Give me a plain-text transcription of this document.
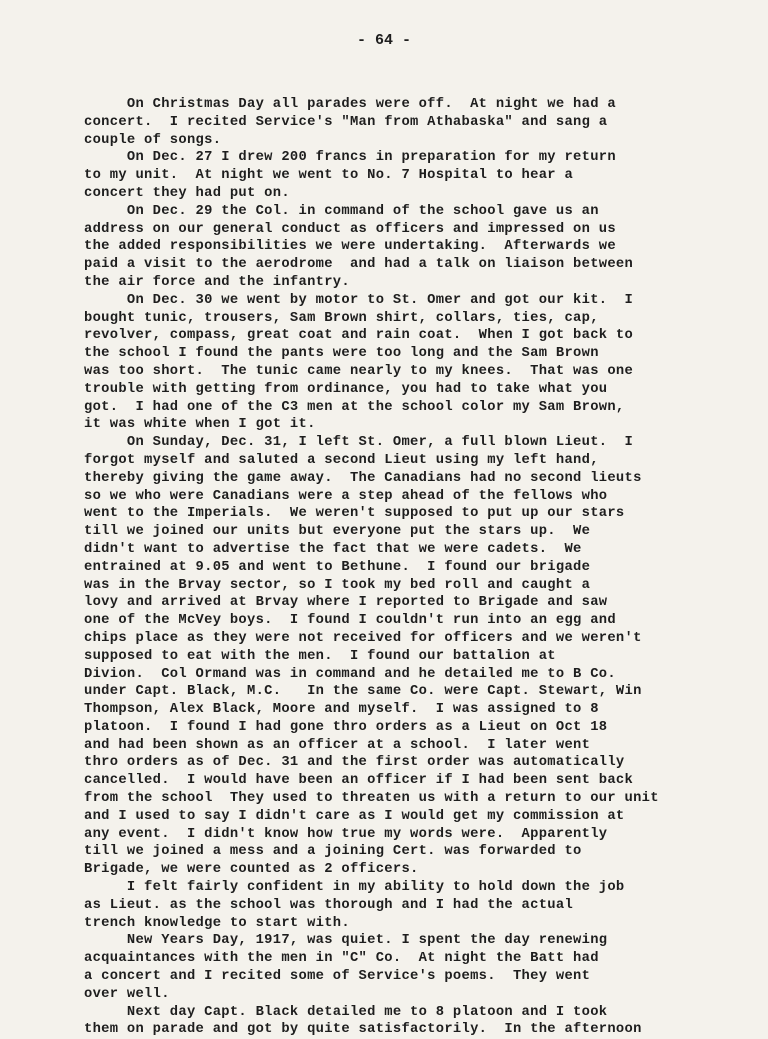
- 64 -
On Christmas Day all parades were off.  At night we had a
concert.  I recited Service's "Man from Athabaska" and sang a
couple of songs.
On Dec. 27 I drew 200 francs in preparation for my return
to my unit.  At night we went to No. 7 Hospital to hear a
concert they had put on.
On Dec. 29 the Col. in command of the school gave us an
address on our general conduct as officers and impressed on us
the added responsibilities we were undertaking.  Afterwards we
paid a visit to the aerodrome  and had a talk on liaison between
the air force and the infantry.
On Dec. 30 we went by motor to St. Omer and got our kit.  I
bought tunic, trousers, Sam Brown shirt, collars, ties, cap,
revolver, compass, great coat and rain coat.  When I got back to
the school I found the pants were too long and the Sam Brown
was too short.  The tunic came nearly to my knees.  That was one
trouble with getting from ordinance, you had to take what you
got.  I had one of the C3 men at the school color my Sam Brown,
it was white when I got it.
On Sunday, Dec. 31, I left St. Omer, a full blown Lieut.  I
forgot myself and saluted a second Lieut using my left hand,
thereby giving the game away.  The Canadians had no second lieuts
so we who were Canadians were a step ahead of the fellows who
went to the Imperials.  We weren't supposed to put up our stars
till we joined our units but everyone put the stars up.  We
didn't want to advertise the fact that we were cadets.  We
entrained at 9.05 and went to Bethune.  I found our brigade
was in the Brvay sector, so I took my bed roll and caught a
lovy and arrived at Brvay where I reported to Brigade and saw
one of the McVey boys.  I found I couldn't run into an egg and
chips place as they were not received for officers and we weren't
supposed to eat with the men.  I found our battalion at
Divion.  Col Ormand was in command and he detailed me to B Co.
under Capt. Black, M.C.   In the same Co. were Capt. Stewart, Win
Thompson, Alex Black, Moore and myself.  I was assigned to 8
platoon.  I found I had gone thro orders as a Lieut on Oct 18
and had been shown as an officer at a school.  I later went
thro orders as of Dec. 31 and the first order was automatically
cancelled.  I would have been an officer if I had been sent back
from the school  They used to threaten us with a return to our unit
and I used to say I didn't care as I would get my commission at
any event.  I didn't know how true my words were.  Apparently
till we joined a mess and a joining Cert. was forwarded to
Brigade, we were counted as 2 officers.
I felt fairly confident in my ability to hold down the job
as Lieut. as the school was thorough and I had the actual
trench knowledge to start with.
New Years Day, 1917, was quiet. I spent the day renewing
acquaintances with the men in "C" Co.  At night the Batt had
a concert and I recited some of Service's poems.  They went
over well.
Next day Capt. Black detailed me to 8 platoon and I took
them on parade and got by quite satisfactorily.  In the afternoon
